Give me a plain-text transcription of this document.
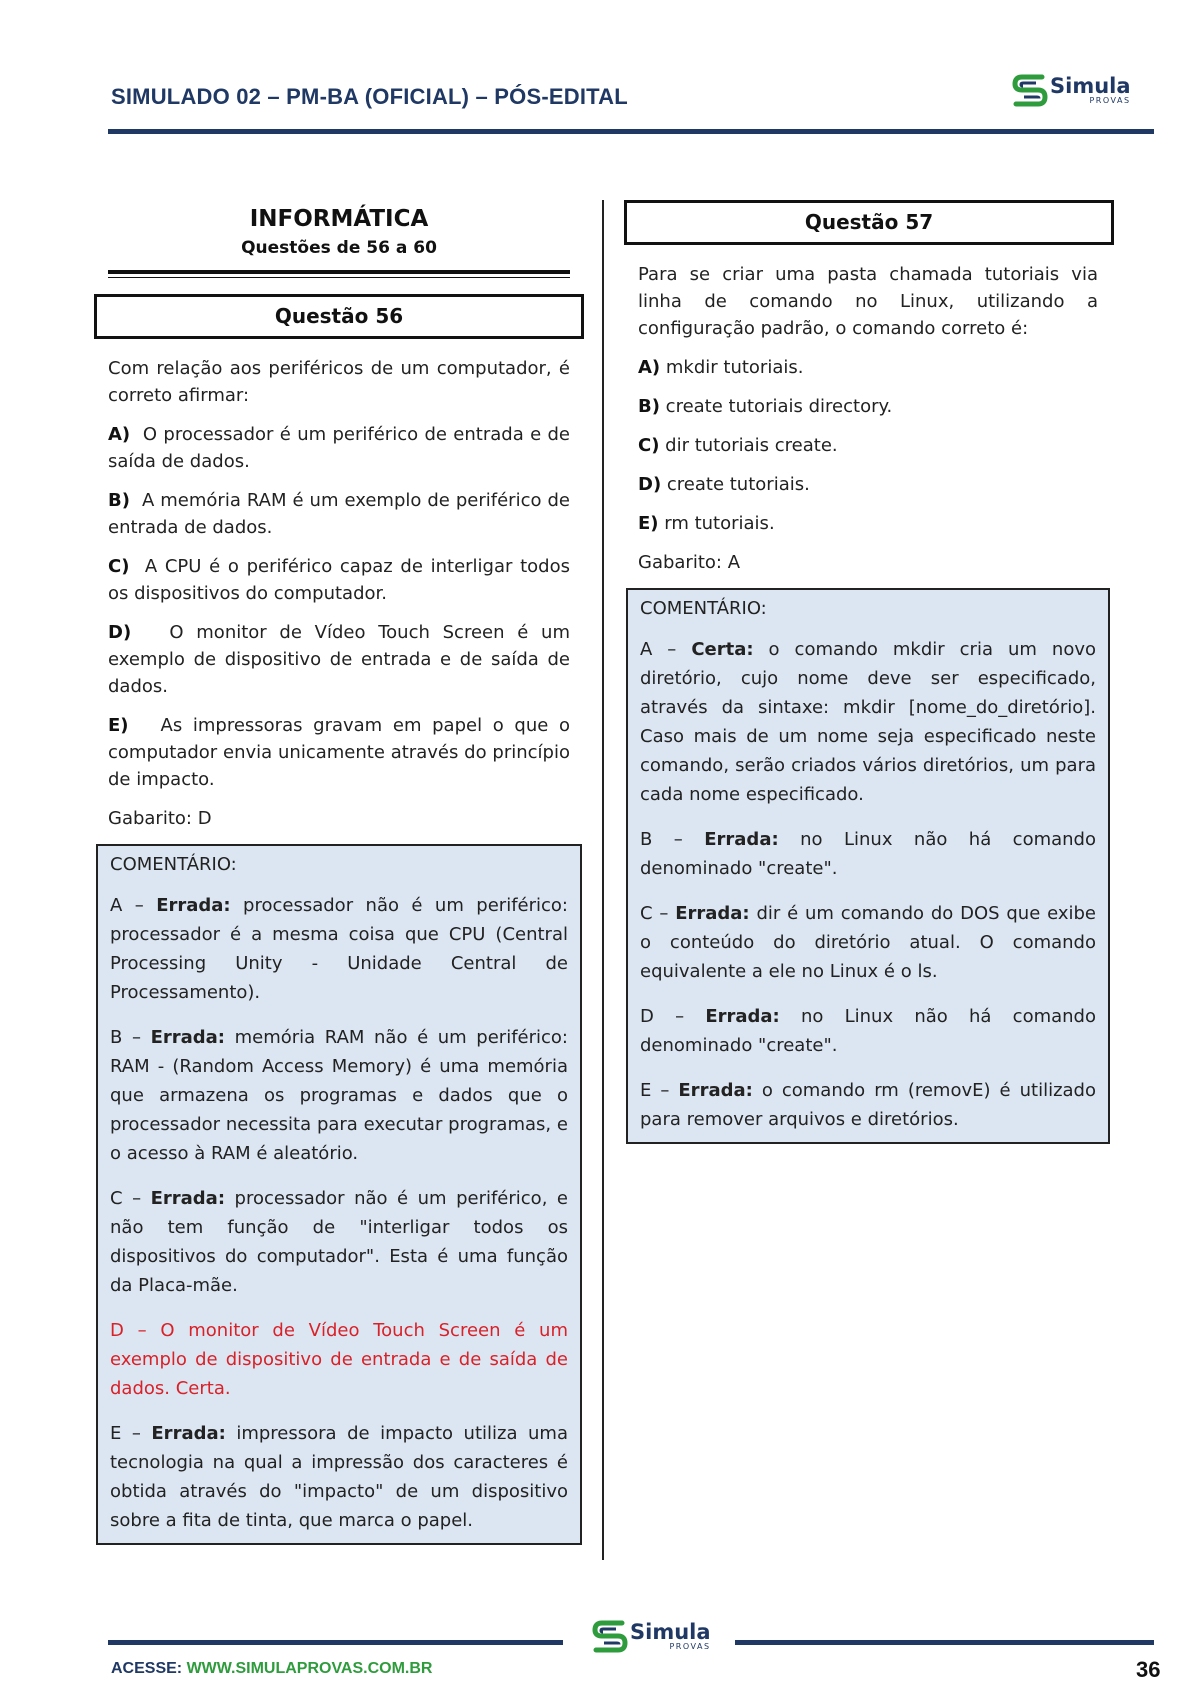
SIMULADO 02 – PM-BA (OFICIAL) – PÓS-EDITAL	Simula
PROVAS
INFORMÁTICA
Questões de 56 a 60
Questão 56

Com relação aos periféricos de um computador, é correto afirmar:

A) O processador é um periférico de entrada e de saída de dados.

B) A memória RAM é um exemplo de periférico de entrada de dados.

C) A CPU é o periférico capaz de interligar todos os dispositivos do computador.

D) O monitor de Vídeo Touch Screen é um exemplo de dispositivo de entrada e de saída de dados.

E) As impressoras gravam em papel o que o computador envia unicamente através do princípio de impacto.

Gabarito: D

COMENTÁRIO:

A – Errada: processador não é um periférico: processador é a mesma coisa que CPU (Central Processing Unity - Unidade Central de Processamento).

B – Errada: memória RAM não é um periférico: RAM - (Random Access Memory) é uma memória que armazena os programas e dados que o processador necessita para executar programas, e o acesso à RAM é aleatório.

C – Errada: processador não é um periférico, e não tem função de "interligar todos os dispositivos do computador". Esta é uma função da Placa-mãe.

D – O monitor de Vídeo Touch Screen é um exemplo de dispositivo de entrada e de saída de dados. Certa.

E – Errada: impressora de impacto utiliza uma tecnologia na qual a impressão dos caracteres é obtida através do "impacto" de um dispositivo sobre a fita de tinta, que marca o papel.

Questão 57

Para se criar uma pasta chamada tutoriais via linha de comando no Linux, utilizando a configuração padrão, o comando correto é:

A) mkdir tutoriais.

B) create tutoriais directory.

C) dir tutoriais create.

D) create tutoriais.

E) rm tutoriais.

Gabarito: A

COMENTÁRIO:

A – Certa: o comando mkdir cria um novo diretório, cujo nome deve ser especificado, através da sintaxe: mkdir [nome_do_diretório]. Caso mais de um nome seja especificado neste comando, serão criados vários diretórios, um para cada nome especificado.

B – Errada: no Linux não há comando denominado "create".

C – Errada: dir é um comando do DOS que exibe o conteúdo do diretório atual. O comando equivalente a ele no Linux é o ls.

D – Errada: no Linux não há comando denominado "create".

E – Errada: o comando rm (removE) é utilizado para remover arquivos e diretórios.

Simula
PROVAS
ACESSE: WWW.SIMULAPROVAS.COM.BR	36
